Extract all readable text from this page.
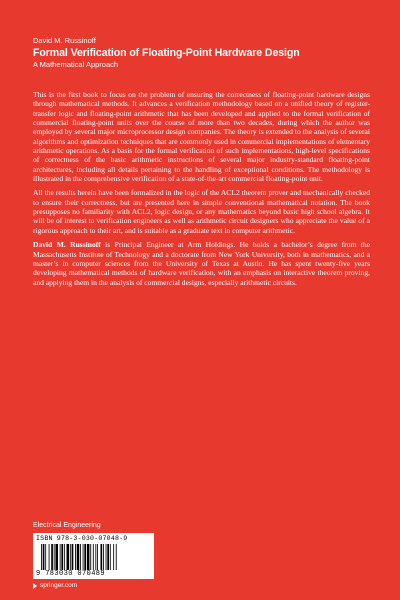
David M. Russinoff
Formal Verification of Floating-Point Hardware Design
A Mathematical Approach

This is the first book to focus on the problem of ensuring the correctness of floating-point hardware designs through mathematical methods. It advances a verification methodology based on a unified theory of register-transfer logic and floating-point arithmetic that has been developed and applied to the formal verification of commercial floating-point units over the course of more than two decades, during which the author was employed by several major microprocessor design companies. The theory is extended to the analysis of several algorithms and optimization techniques that are commonly used in commercial implementations of elementary arithmetic operations. As a basis for the formal verification of such implementations, high-level specifications of correctness of the basic arithmetic instructions of several major industry-standard floating-point architectures, including all details pertaining to the handling of exceptional conditions. The methodology is illustrated in the comprehensive verification of a state-of-the-art commercial floating-point unit.

All the results herein have been formalized in the logic of the ACL2 theorem prover and mechanically checked to ensure their correctness, but are presented here in simple conventional mathematical notation. The book presupposes no familiarity with ACL2, logic design, or any mathematics beyond basic high school algebra. It will be of interest to verification engineers as well as arithmetic circuit designers who appreciate the value of a rigorous approach to their art, and is suitable as a graduate text in computer arithmetic.

David M. Russinoff is Principal Engineer at Arm Holdings. He holds a bachelor’s degree from the Massachusetts Institute of Technology and a doctorate from New York University, both in mathematics, and a master’s in computer sciences from the University of Texas at Austin. He has spent twenty-five years developing mathematical methods of hardware verification, with an emphasis on interactive theorem proving, and applying them in the analysis of commercial designs, especially arithmetic circuits.

Electrical Engineering
ISBN 978-3-030-07048-9
9 783030 070489
springer.com
